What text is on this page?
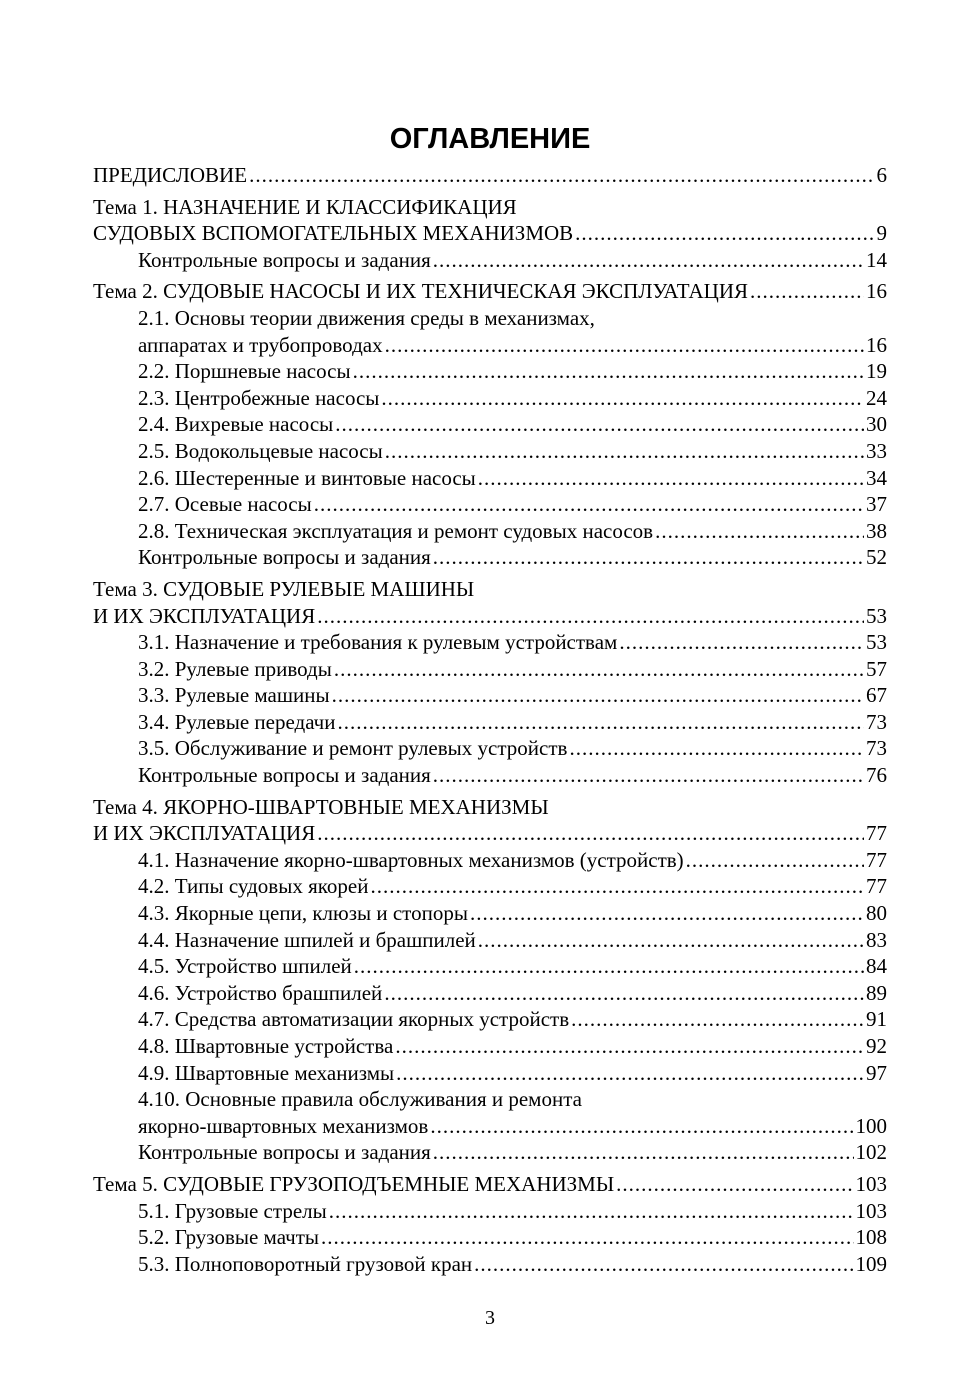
ОГЛАВЛЕНИЕ
ПРЕДИСЛОВИЕ .....	6
Тема 1. НАЗНАЧЕНИЕ И КЛАССИФИКАЦИЯ
СУДОВЫХ ВСПОМОГАТЕЛЬНЫХ МЕХАНИЗМОВ .....	9
Контрольные вопросы и задания .....	14
Тема 2. СУДОВЫЕ НАСОСЫ И ИХ ТЕХНИЧЕСКАЯ ЭКСПЛУАТАЦИЯ .....	16
2.1. Основы теории движения среды в механизмах,
аппаратах и трубопроводах .....	16
2.2. Поршневые насосы .....	19
2.3. Центробежные насосы .....	24
2.4. Вихревые насосы .....	30
2.5. Водокольцевые насосы .....	33
2.6. Шестеренные и винтовые насосы .....	34
2.7. Осевые насосы .....	37
2.8. Техническая эксплуатация и ремонт судовых насосов .....	38
Контрольные вопросы и задания .....	52
Тема 3. СУДОВЫЕ РУЛЕВЫЕ МАШИНЫ
И ИХ ЭКСПЛУАТАЦИЯ .....	53
3.1. Назначение и требования к рулевым устройствам .....	53
3.2. Рулевые приводы .....	57
3.3. Рулевые машины .....	67
3.4. Рулевые передачи .....	73
3.5. Обслуживание и ремонт рулевых устройств .....	73
Контрольные вопросы и задания .....	76
Тема 4. ЯКОРНО-ШВАРТОВНЫЕ МЕХАНИЗМЫ
И ИХ ЭКСПЛУАТАЦИЯ .....	77
4.1. Назначение якорно-швартовных механизмов (устройств) .....	77
4.2. Типы судовых якорей .....	77
4.3. Якорные цепи, клюзы и стопоры .....	80
4.4. Назначение шпилей и брашпилей .....	83
4.5. Устройство шпилей .....	84
4.6. Устройство брашпилей .....	89
4.7. Средства автоматизации якорных устройств .....	91
4.8. Швартовные устройства .....	92
4.9. Швартовные механизмы .....	97
4.10. Основные правила обслуживания и ремонта
якорно-швартовных механизмов .....	100
Контрольные вопросы и задания .....	102
Тема 5. СУДОВЫЕ ГРУЗОПОДЪЕМНЫЕ МЕХАНИЗМЫ .....	103
5.1. Грузовые стрелы .....	103
5.2. Грузовые мачты .....	108
5.3. Полноповоротный грузовой кран .....	109
3
